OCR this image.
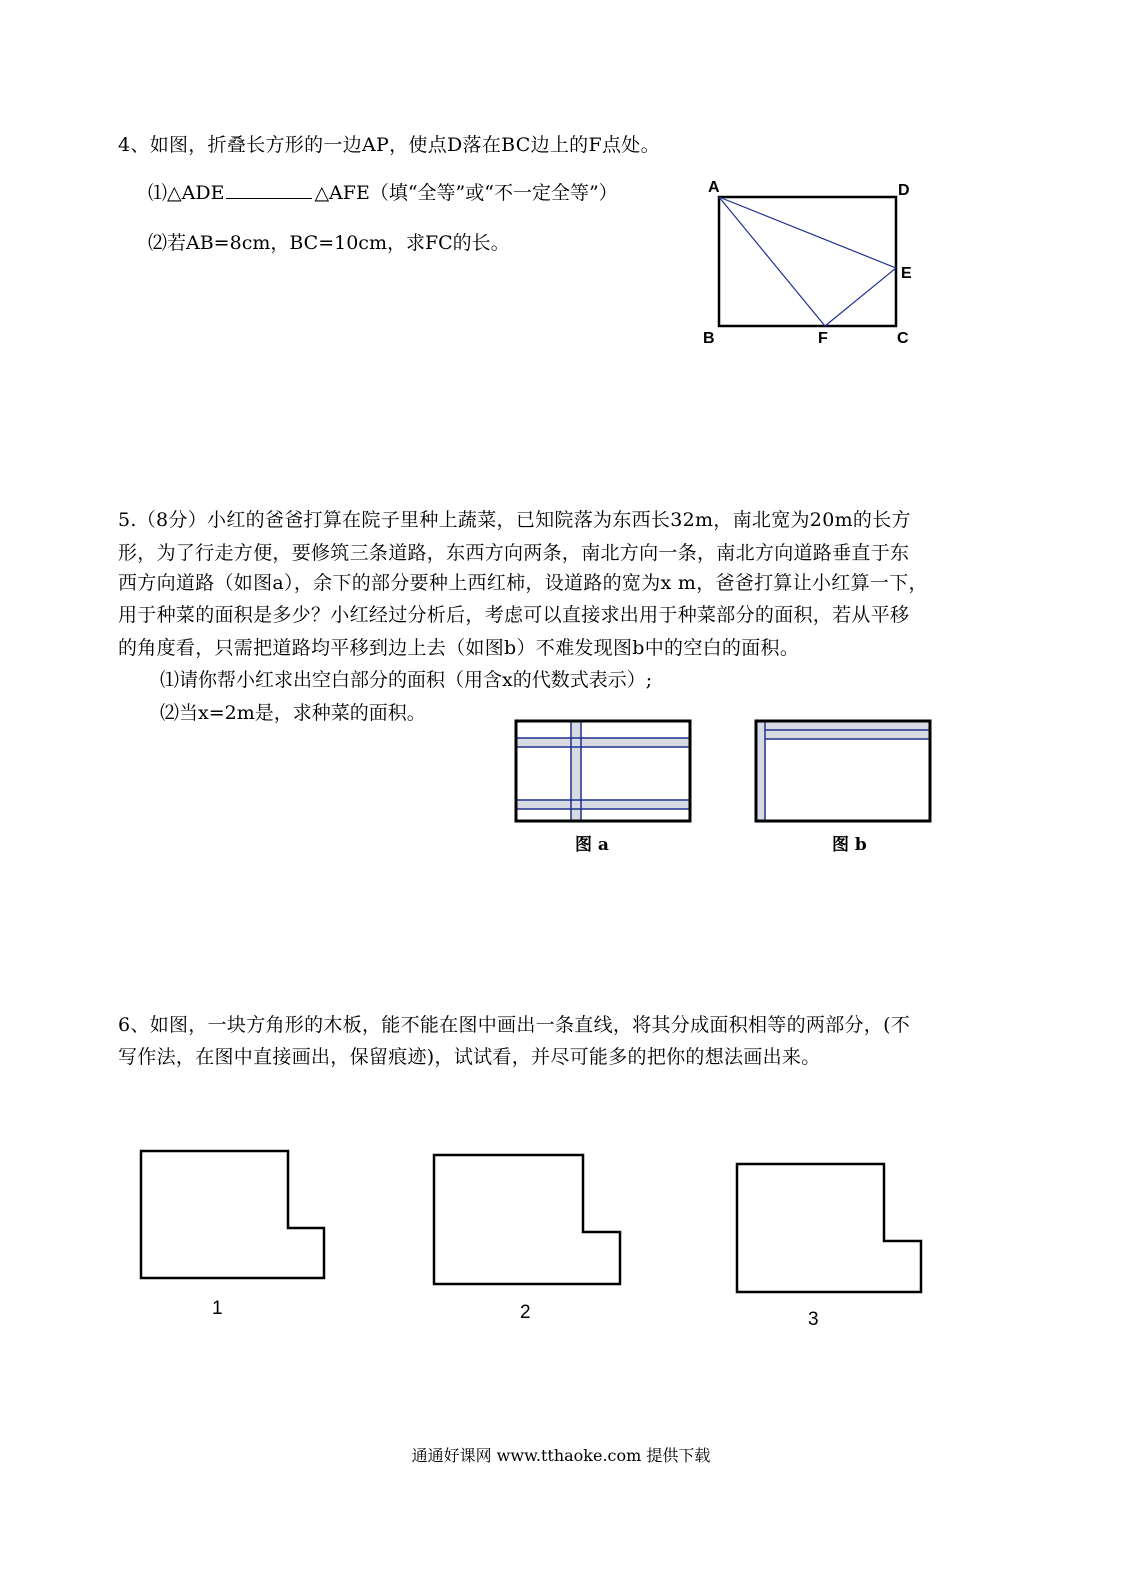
4、如图，折叠长方形的一边AP，使点D落在BC边上的F点处。
⑴△ADE	△AFE（填“全等”或“不一定全等”）
⑵若AB=8cm，BC=10cm，求FC的长。
A	D
E
B	F	C
5.（8分）小红的爸爸打算在院子里种上蔬菜，已知院落为东西长32m，南北宽为20m的长方
形，为了行走方便，要修筑三条道路，东西方向两条，南北方向一条，南北方向道路垂直于东
西方向道路（如图a），余下的部分要种上西红柿，设道路的宽为x m，爸爸打算让小红算一下，
用于种菜的面积是多少？小红经过分析后，考虑可以直接求出用于种菜部分的面积，若从平移
的角度看，只需把道路均平移到边上去（如图b）不难发现图b中的空白的面积。
⑴请你帮小红求出空白部分的面积（用含x的代数式表示）;
⑵当x=2m是，求种菜的面积。
图 a	图 b
6、如图，一块方角形的木板，能不能在图中画出一条直线，将其分成面积相等的两部分，(不
写作法，在图中直接画出，保留痕迹)，试试看，并尽可能多的把你的想法画出来。
1	2	3
通通好课网 www.tthaoke.com 提供下载
